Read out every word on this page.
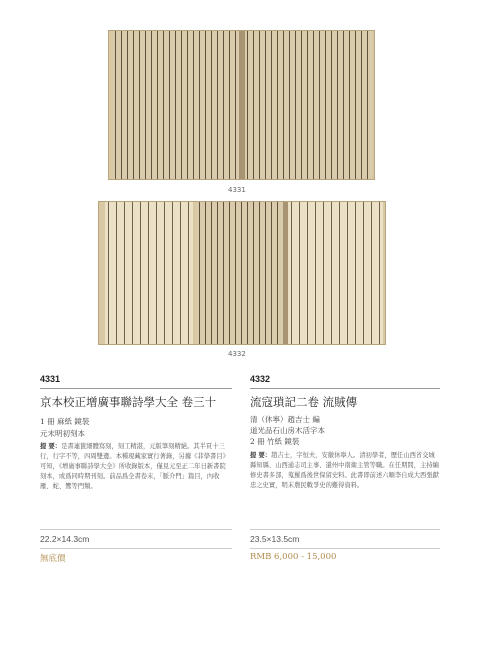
4331
4332
4331
京本校正增廣事聯詩學大全 卷三十
1 冊 麻紙 鏡裝
元末明初刻本
提 要：是書連篋細體寫刻，刻工精湛，元版筆刻精絕。其半頁十三行，行字不等，四周雙邊。本種現藏家實行著錄，另據《菲學書目》可知，《增廣事聯詩學大全》所收錄版本，僅見元至正二年日新書院刻本，或爲同時期刊刻。前品爲全書卷末，「脈介門」篇目，內收雁、蛇、鸞等門類。
22.2×14.3cm
無底價
4332
流寇瑣記二卷 流賊傳
清（休寧）趙吉士 編
道光品石山房木活字本
2 冊 竹紙 鏡裝
提 要：趙吉士，字恒夫，安徽休寧人。清初學者，歷任山西省交城縣知縣、山西通志司主事、還州中南衛主管等職。在任期間，主持編修史書多部，蒐羅爲後世保留史料。此書即前述六順李自成大西張獻忠之史實，明末農民戰爭史的難得資料。
23.5×13.5cm
RMB 6,000 - 15,000
